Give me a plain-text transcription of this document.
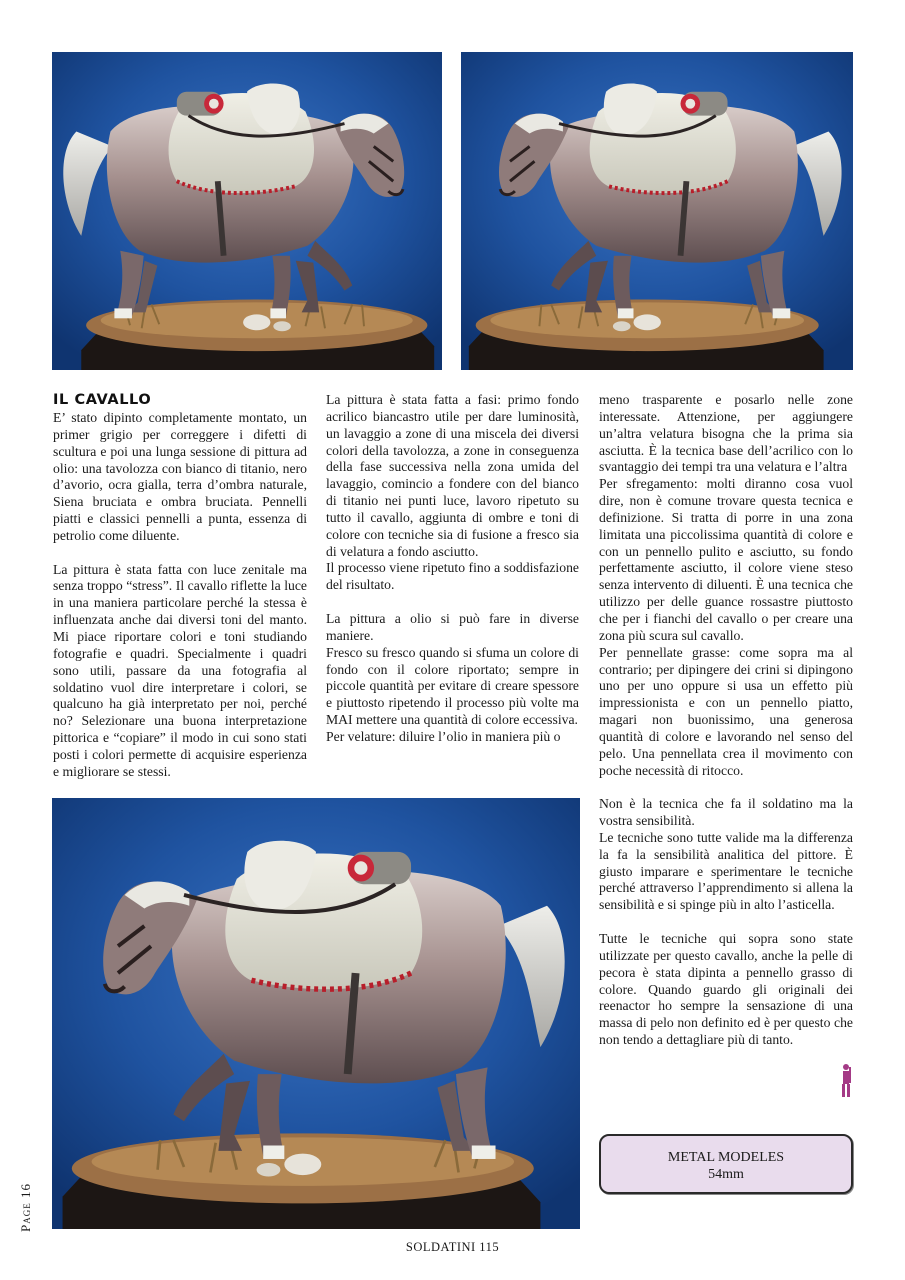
IL CAVALLO

E’ stato dipinto completamente montato, un primer grigio per correggere i difetti di scultura e poi una lunga sessione di pittura ad olio: una tavolozza con bianco di titanio, nero d’avorio, ocra gialla, terra d’ombra naturale, Siena bruciata e ombra bruciata. Pennelli piatti e classici pennelli a punta, essenza di petrolio come diluente.

La pittura è stata fatta con luce zenitale ma senza troppo “stress”. Il cavallo riflette la luce in una maniera particolare perché la stessa è influenzata anche dai diversi toni del manto. Mi piace riportare colori e toni studiando fotografie e quadri. Specialmente i quadri sono utili, passare da una fotografia al soldatino vuol dire interpretare i colori, se qualcuno ha già interpretato per noi, perché no? Selezionare una buona interpretazione pittorica e “copiare” il modo in cui sono stati posti i colori permette di acquisire esperienza e migliorare se stessi.

La pittura è stata fatta a fasi: primo fondo acrilico biancastro utile per dare luminosità, un lavaggio a zone di una miscela dei diversi colori della tavolozza, a zone in conseguenza della fase successiva nella zona umida del lavaggio, comincio a fondere con del bianco di titanio nei punti luce, lavoro ripetuto su tutto il cavallo, aggiunta di ombre e toni di colore con tecniche sia di fusione a fresco sia di velatura a fondo asciutto.

Il processo viene ripetuto fino a soddisfazione del risultato.

La pittura a olio si può fare in diverse maniere.

Fresco su fresco quando si sfuma un colore di fondo con il colore riportato; sempre in piccole quantità per evitare di creare spessore e piuttosto ripetendo il processo più volte ma MAI mettere una quantità di colore eccessiva.

Per velature: diluire l’olio in maniera più o

meno trasparente e posarlo nelle zone interessate. Attenzione, per aggiungere un’altra velatura bisogna che la prima sia asciutta. È la tecnica base dell’acrilico con lo svantaggio dei tempi tra una velatura e l’altra

Per sfregamento: molti diranno cosa vuol dire, non è comune trovare questa tecnica e definizione. Si tratta di porre in una zona limitata una piccolissima quantità di colore e con un pennello pulito e asciutto, su fondo perfettamente asciutto, il colore viene steso senza intervento di diluenti. È una tecnica che utilizzo per delle guance rossastre piuttosto che per i fianchi del cavallo o per creare una zona più scura sul cavallo.

Per pennellate grasse: come sopra ma al contrario; per dipingere dei crini si dipingono uno per uno oppure si usa un effetto più impressionista e con un pennello piatto, magari non buonissimo, una generosa quantità di colore e lavorando nel senso del pelo. Una pennellata crea il movimento con poche necessità di ritocco.

Non è la tecnica che fa il soldatino ma la vostra sensibilità.

Le tecniche sono tutte valide ma la differenza la fa la sensibilità analitica del pittore. È giusto imparare e sperimentare le tecniche perché attraverso l’apprendimento si allena la sensibilità e si spinge più in alto l’asticella.

Tutte le tecniche qui sopra sono state utilizzate per questo cavallo, anche la pelle di pecora è stata dipinta a pennello grasso di colore. Quando guardo gli originali dei reenactor ho sempre la sensazione di una massa di pelo non definito ed è per questo che non tendo a dettagliare più di tanto.

METAL MODELES
54mm
Page 16
SOLDATINI 115
